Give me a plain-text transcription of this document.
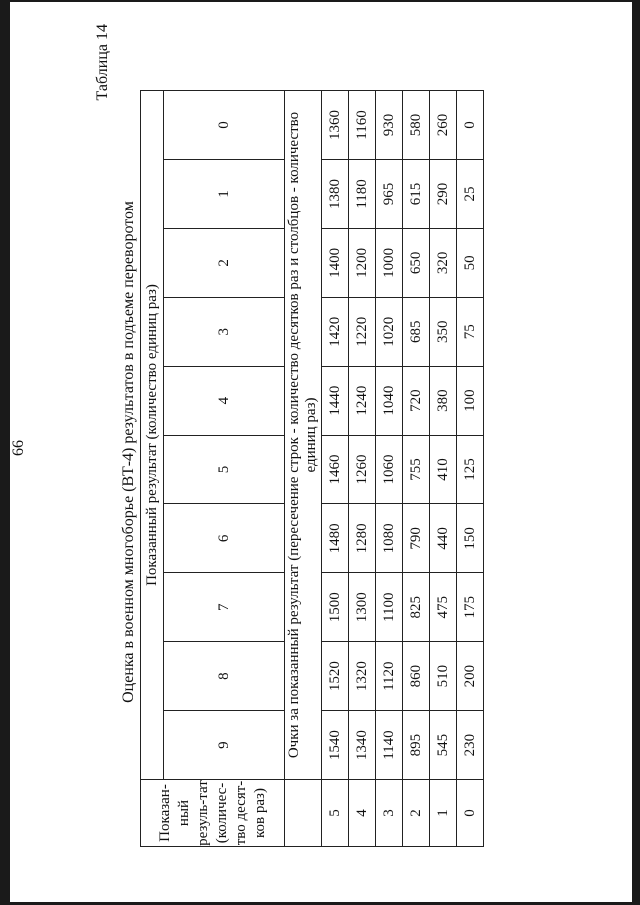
66
Таблица 14
Оценка в военном многоборье (ВТ-4) результатов в подъеме переворотом
Показан-ный резуль-тат (количес-тво десят-ков раз)	Показанный результат (количество единиц раз)									
	9	8	7	6	5	4	3	2	1	0
	Очки за показанный результат (пересечение строк - количество десятков раз и столбцов - количество единиц раз)									
5	1540	1520	1500	1480	1460	1440	1420	1400	1380	1360
4	1340	1320	1300	1280	1260	1240	1220	1200	1180	1160
3	1140	1120	1100	1080	1060	1040	1020	1000	965	930
2	895	860	825	790	755	720	685	650	615	580
1	545	510	475	440	410	380	350	320	290	260
0	230	200	175	150	125	100	75	50	25	0
